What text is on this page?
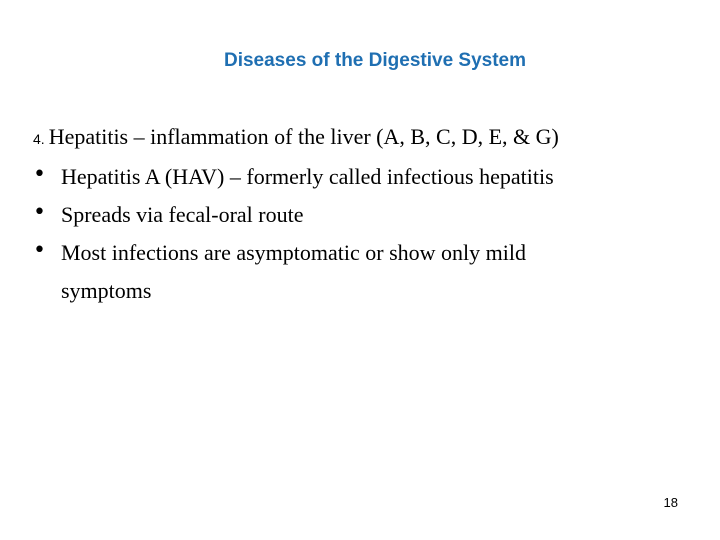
Diseases of the Digestive System

4. Hepatitis – inflammation of the liver (A, B, C, D, E, & G)

• Hepatitis A (HAV) – formerly called infectious hepatitis
• Spreads via fecal-oral route
• Most infections are asymptomatic or show only mild symptoms
18
